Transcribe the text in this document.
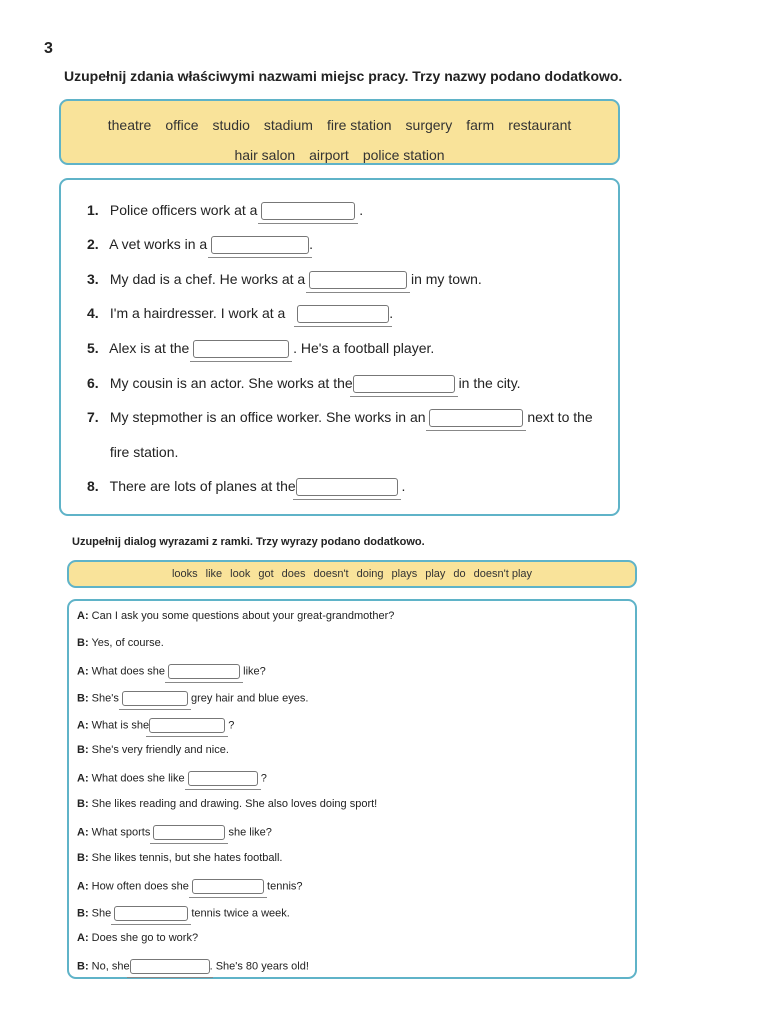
3
Uzupełnij zdania właściwymi nazwami miejsc pracy. Trzy nazwy podano dodatkowo.
theatre office studio stadium fire station surgery farm restaurant
hair salon airport police station
1. Police officers work at a	.
2. A vet works in a	.
3. My dad is a chef. He works at a	in my town.
4. I'm a hairdresser. I work at a	.
5. Alex is at the	. He's a football player.
6. My cousin is an actor. She works at the	in the city.
7. My stepmother is an office worker. She works in an	next to the
fire station.
8. There are lots of planes at the	.
Uzupełnij dialog wyrazami z ramki. Trzy wyrazy podano dodatkowo.
looks like look got does doesn't doing plays play do doesn't play
A: Can I ask you some questions about your great-grandmother?
B: Yes, of course.
A: What does she	like?
B: She's	grey hair and blue eyes.
A: What is she	?
B: She's very friendly and nice.
A: What does she like	?
B: She likes reading and drawing. She also loves doing sport!
A: What sports	she like?
B: She likes tennis, but she hates football.
A: How often does she	tennis?
B: She	tennis twice a week.
A: Does she go to work?
B: No, she	. She's 80 years old!
